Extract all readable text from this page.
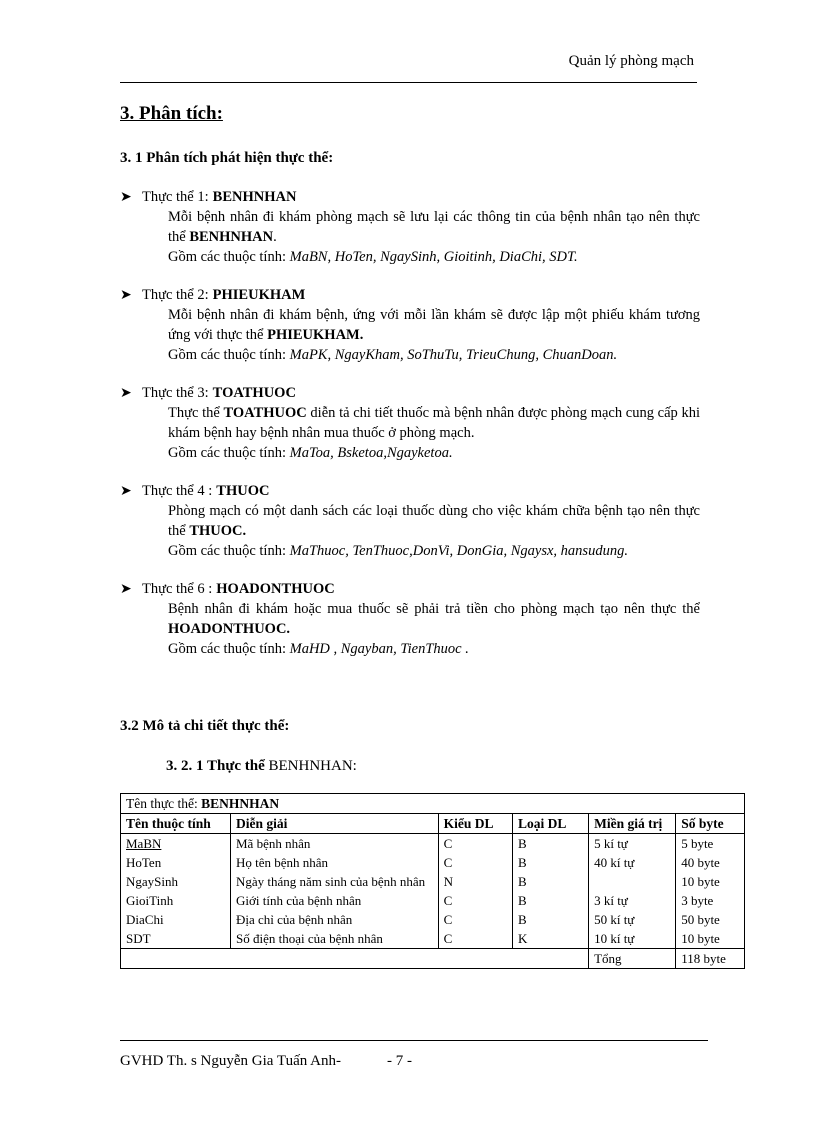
Quản lý phòng mạch
3. Phân tích:
3. 1 Phân tích phát hiện thực thể:
➤ Thực thể 1: BENHNHAN
Mỗi bệnh nhân đi khám phòng mạch sẽ lưu lại các thông tin của bệnh nhân tạo nên thực thể BENHNHAN.
Gồm các thuộc tính: MaBN, HoTen, NgaySinh, Gioitinh, DiaChi, SDT.
➤ Thực thể 2: PHIEUKHAM
Mỗi bệnh nhân đi khám bệnh, ứng với mỗi lần khám sẽ được lập một phiếu khám tương ứng với thực thể PHIEUKHAM.
Gồm các thuộc tính: MaPK, NgayKham, SoThuTu, TrieuChung, ChuanDoan.
➤ Thực thể 3: TOATHUOC
Thực thể TOATHUOC diễn tả chi tiết thuốc mà bệnh nhân được phòng mạch cung cấp khi khám bệnh hay bệnh nhân mua thuốc ở phòng mạch.
Gồm các thuộc tính: MaToa, Bsketoa,Ngayketoa.
➤ Thực thể 4 : THUOC
Phòng mạch có một danh sách các loại thuốc dùng cho việc khám chữa bệnh tạo nên thực thể THUOC.
Gồm các thuộc tính: MaThuoc, TenThuoc,DonVi, DonGia, Ngaysx, hansudung.
➤ Thực thể 6 : HOADONTHUOC
Bệnh nhân đi khám hoặc mua thuốc sẽ phải trả tiền cho phòng mạch tạo nên thực thể HOADONTHUOC.
Gồm các thuộc tính: MaHD , Ngayban, TienThuoc .
3.2 Mô tả chi tiết thực thể:
3. 2. 1 Thực thể BENHNHAN:
Tên thực thể: BENHNHAN					
Tên thuộc tính	Diễn giải	Kiểu DL	Loại DL	Miền giá trị	Số byte
MaBN	Mã bệnh nhân	C	B	5 kí tự	5 byte
HoTen	Họ tên bệnh nhân	C	B	40 kí tự	40 byte
NgaySinh	Ngày tháng năm sinh của bệnh nhân	N	B		10 byte
GioiTinh	Giới tính của bệnh nhân	C	B	3 kí tự	3 byte
DiaChi	Địa chỉ của bệnh nhân	C	B	50 kí tự	50 byte
SDT	Số điện thoại của bệnh nhân	C	K	10 kí tự	10 byte
				Tổng	118 byte
GVHD Th. s Nguyễn Gia Tuấn Anh-	- 7 -
